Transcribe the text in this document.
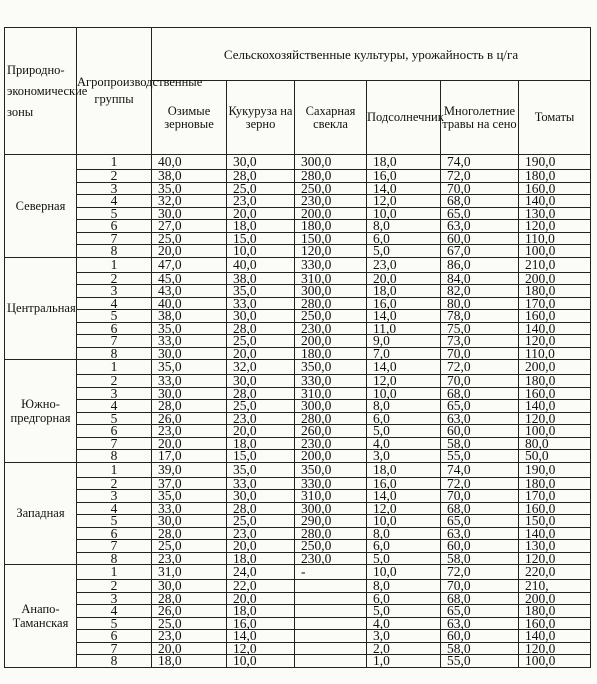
Природно-экономические зоны	Агропроизводственные группы	Сельскохозяйственные культуры, урожайность в ц/га					
		Озимые зерновые	Кукуруза на зерно	Сахарная свекла	Подсолнечник	Многолетние травы на сено	Томаты
Северная	1	40,0	30,0	300,0	18,0	74,0	190,0
	2	38,0	28,0	280,0	16,0	72,0	180,0
	3	35,0	25,0	250,0	14,0	70,0	160,0
	4	32,0	23,0	230,0	12,0	68,0	140,0
	5	30,0	20,0	200,0	10,0	65,0	130,0
	6	27,0	18,0	180,0	8,0	63,0	120,0
	7	25,0	15,0	150,0	6,0	60,0	110,0
	8	20,0	10,0	120,0	5,0	67,0	100,0
Центральная	1	47,0	40,0	330,0	23,0	86,0	210,0
	2	45,0	38,0	310,0	20,0	84,0	200,0
	3	43,0	35,0	300,0	18,0	82,0	180,0
	4	40,0	33,0	280,0	16,0	80,0	170,0
	5	38,0	30,0	250,0	14,0	78,0	160,0
	6	35,0	28,0	230,0	11,0	75,0	140,0
	7	33,0	25,0	200,0	9,0	73,0	120,0
	8	30,0	20,0	180,0	7,0	70,0	110,0
Южно-предгорная	1	35,0	32,0	350,0	14,0	72,0	200,0
	2	33,0	30,0	330,0	12,0	70,0	180,0
	3	30,0	28,0	310,0	10,0	68,0	160,0
	4	28,0	25,0	300,0	8,0	65,0	140,0
	5	26,0	23,0	280,0	6,0	63,0	120,0
	6	23,0	20,0	260,0	5,0	60,0	100,0
	7	20,0	18,0	230,0	4,0	58,0	80,0
	8	17,0	15,0	200,0	3,0	55,0	50,0
Западная	1	39,0	35,0	350,0	18,0	74,0	190,0
	2	37,0	33,0	330,0	16,0	72,0	180,0
	3	35,0	30,0	310,0	14,0	70,0	170,0
	4	33,0	28,0	300,0	12,0	68,0	160,0
	5	30,0	25,0	290,0	10,0	65,0	150,0
	6	28,0	23,0	280,0	8,0	63,0	140,0
	7	25,0	20,0	250,0	6,0	60,0	130,0
	8	23,0	18,0	230,0	5,0	58,0	120,0
Анапо-Таманская	1	31,0	24,0	-	10,0	72,0	220,0
	2	30,0	22,0		8,0	70,0	210,
	3	28,0	20,0		6,0	68,0	200,0
	4	26,0	18,0		5,0	65,0	180,0
	5	25,0	16,0		4,0	63,0	160,0
	6	23,0	14,0		3,0	60,0	140,0
	7	20,0	12,0		2,0	58,0	120,0
	8	18,0	10,0		1,0	55,0	100,0
